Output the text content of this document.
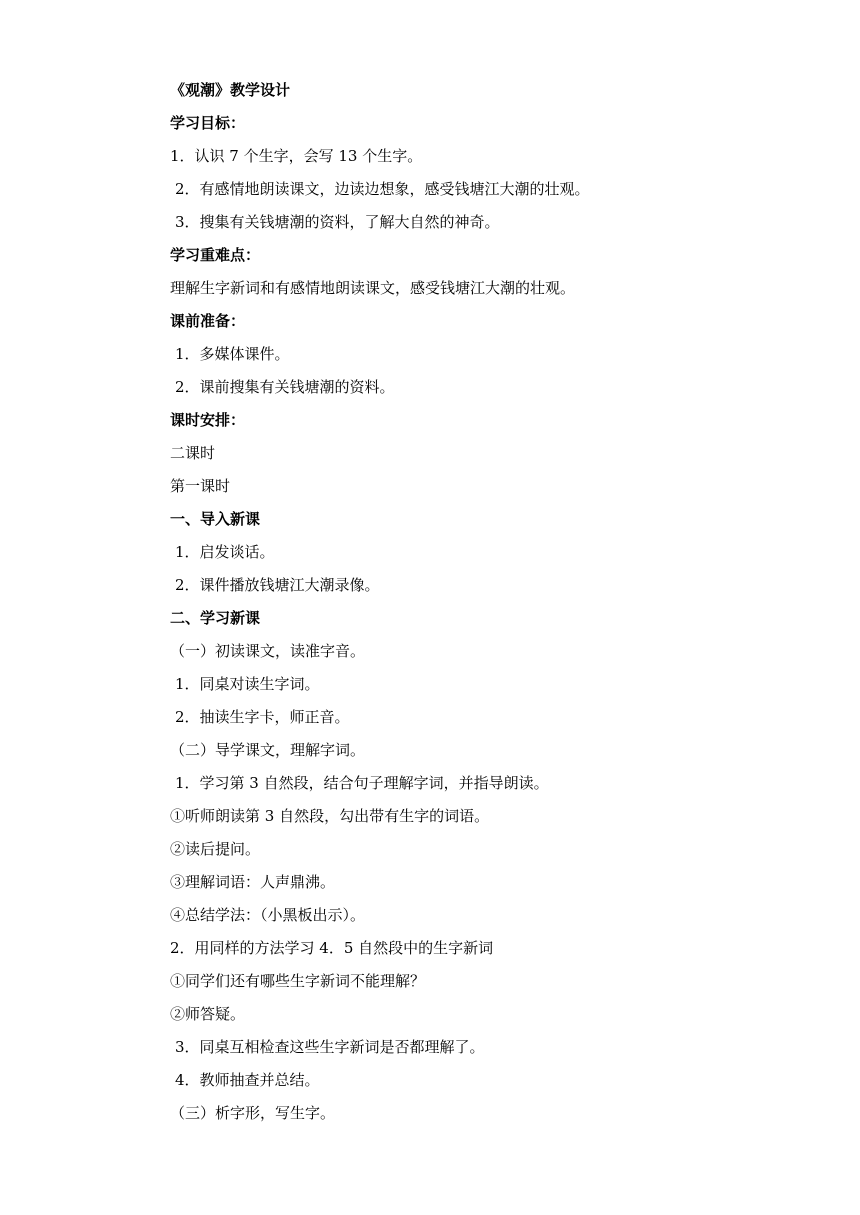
《观潮》教学设计
学习目标：
1．认识 7 个生字，会写 13 个生字。
2．有感情地朗读课文，边读边想象，感受钱塘江大潮的壮观。
3．搜集有关钱塘潮的资料，了解大自然的神奇。
学习重难点：
理解生字新词和有感情地朗读课文，感受钱塘江大潮的壮观。
课前准备：
1．多媒体课件。
2．课前搜集有关钱塘潮的资料。
课时安排：
二课时
第一课时
一、导入新课
1．启发谈话。
2．课件播放钱塘江大潮录像。
二、学习新课
（一）初读课文，读准字音。
1．同桌对读生字词。
2．抽读生字卡，师正音。
（二）导学课文，理解字词。
1．学习第 3 自然段，结合句子理解字词，并指导朗读。
①听师朗读第 3 自然段，勾出带有生字的词语。
②读后提问。
③理解词语：人声鼎沸。
④总结学法：（小黑板出示）。
2．用同样的方法学习 4．5 自然段中的生字新词
①同学们还有哪些生字新词不能理解？
②师答疑。
3．同桌互相检查这些生字新词是否都理解了。
4．教师抽查并总结。
（三）析字形，写生字。
